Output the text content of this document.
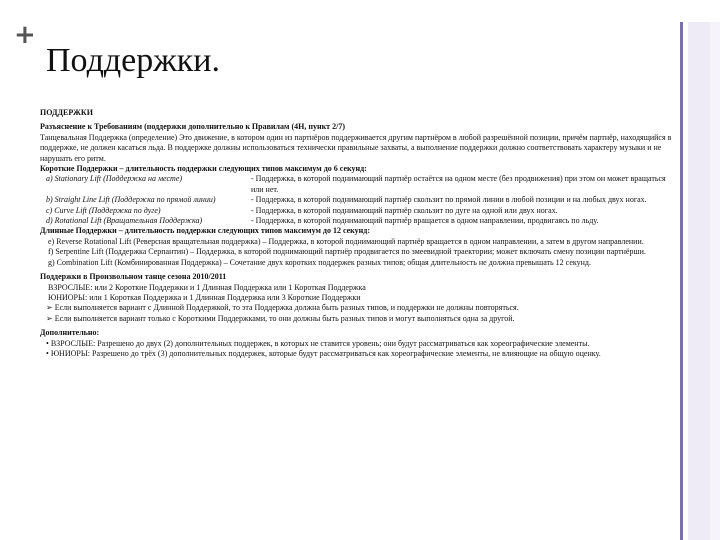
+
Поддержки.

ПОДДЕРЖКИ

Разъяснение к Требованиям (поддержки дополнительно к Правилам (4Н, пункт 2/7)

Танцевальная Поддержка (определение) Это движение, в котором один из партнёров поддерживается другим партнёром в любой разрешённой позиции, причём партнёр, находящийся в поддержке, не должен касаться льда. В поддержке должны использоваться технически правильные захваты, а выполнение поддержки должно соответствовать характеру музыки и не нарушать его ритм.

Короткие Поддержки – длительность поддержки следующих типов максимум до 6 секунд:

a) Stationary Lift (Поддержка на месте)	- Поддержка, в которой поднимающий партнёр остаётся на одном месте (без продвижения) при этом он может вращаться или нет.
b) Straight Line Lift (Поддержка по прямой линии)	- Поддержка, в которой поднимающий партнёр скользит по прямой линии в любой позиции и на любых двух ногах.
c) Curve Lift (Поддержка по дуге)	- Поддержка, в которой поднимающий партнёр скользит по дуге на одной или двух ногах.
d) Rotational Lift (Вращательная Поддержка)	- Поддержка, в которой поднимающий партнёр вращается в одном направлении, продвигаясь по льду.

Длинные Поддержки – длительность поддержки следующих типов максимум до 12 секунд:

e) Reverse Rotational Lift (Реверсная вращательная поддержка) – Поддержка, в которой поднимающий партнёр вращается в одном направлении, а затем в другом направлении.

f) Serpentine Lift (Поддержка Серпантин) – Поддержка, в которой поднимающий партнёр продвигается по змеевидной траектории; может включать смену позиции партнёрши.

g) Combination Lift (Комбинированная Поддержка) – Сочетание двух коротких поддержек разных типов; общая длительность не должна превышать 12 секунд.

Поддержки в Произвольном танце сезона 2010/2011

ВЗРОСЛЫЕ: или 2 Короткие Поддержки и 1 Длинная Поддержка или 1 Короткая Поддержка

ЮНИОРЫ: или 1 Короткая Поддержка и 1 Длинная Поддержка или 3 Короткие Поддержки

➢ Если выполняется вариант с Длинной Поддержкой, то эта Поддержка должна быть разных типов, и поддержки не должны повторяться.

➢ Если выполняется вариант только с Короткими Поддержками, то они должны быть разных типов и могут выполняться одна за другой.

Дополнительно:

• ВЗРОСЛЫЕ: Разрешено до двух (2) дополнительных поддержек, в которых не ставится уровень; они будут рассматриваться как хореографические элементы.

• ЮНИОРЫ: Разрешено до трёх (3) дополнительных поддержек, которые будут рассматриваться как хореографические элементы, не влияющие на общую оценку.
